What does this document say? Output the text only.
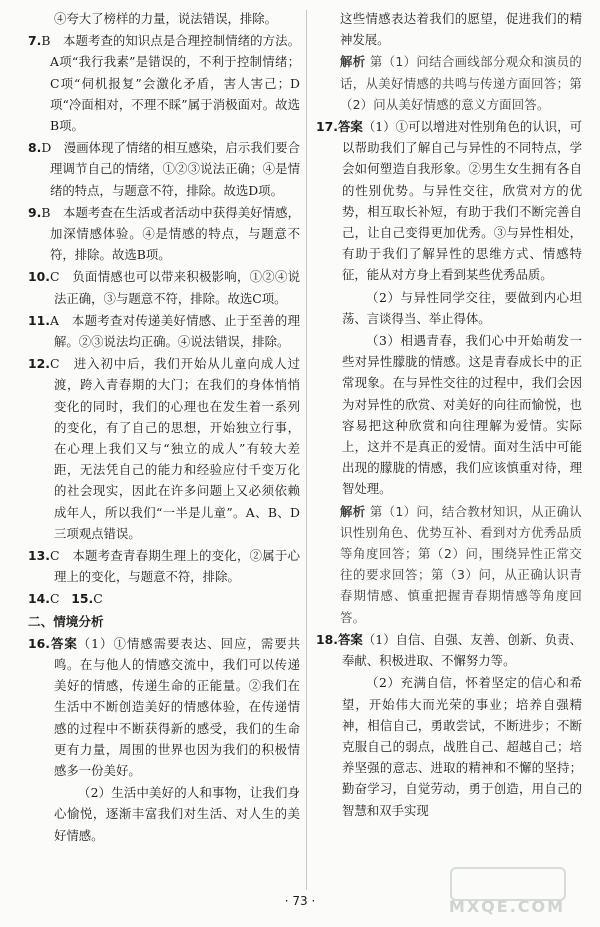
④夸大了榜样的力量，说法错误，排除。

7.B　本题考查的知识点是合理控制情绪的方法。A项“我行我素”是错误的，不利于控制情绪；C项“伺机报复”会激化矛盾，害人害己；D项“冷面相对，不理不睬”属于消极面对。故选B项。

8.D　漫画体现了情绪的相互感染，启示我们要合理调节自己的情绪，①②③说法正确；④是情绪的特点，与题意不符，排除。故选D项。

9.B　本题考查在生活或者活动中获得美好情感，加深情感体验。④是情感的特点，与题意不符，排除。故选B项。

10.C　负面情感也可以带来积极影响，①②④说法正确，③与题意不符，排除。故选C项。

11.A　本题考查对传递美好情感、止于至善的理解。②③说法均正确。④说法错误，排除。

12.C　进入初中后，我们开始从儿童向成人过渡，跨入青春期的大门；在我们的身体悄悄变化的同时，我们的心理也在发生着一系列的变化，有了自己的思想，开始独立行事，在心理上我们又与“独立的成人”有较大差距，无法凭自己的能力和经验应付千变万化的社会现实，因此在许多问题上又必须依赖成年人，所以我们“一半是儿童”。A、B、D三项观点错误。

13.C　本题考查青春期生理上的变化，②属于心理上的变化，与题意不符，排除。

14.C 15.C

二、情境分析

16.答案（1）①情感需要表达、回应，需要共鸣。在与他人的情感交流中，我们可以传递美好的情感，传递生命的正能量。②我们在生活中不断创造美好的情感体验，在传递情感的过程中不断获得新的感受，我们的生命更有力量，周围的世界也因为我们的积极情感多一份美好。

（2）生活中美好的人和事物，让我们身心愉悦，逐渐丰富我们对生活、对人生的美好情感。

这些情感表达着我们的愿望，促进我们的精神发展。

解析 第（1）问结合画线部分观众和演员的话，从美好情感的共鸣与传递方面回答；第（2）问从美好情感的意义方面回答。

17.答案（1）①可以增进对性别角色的认识，可以帮助我们了解自己与异性的不同特点，学会如何塑造自我形象。②男生女生拥有各自的性别优势。与异性交往，欣赏对方的优势，相互取长补短，有助于我们不断完善自己，让自己变得更加优秀。③与异性相处，有助于我们了解异性的思维方式、情感特征，能从对方身上看到某些优秀品质。

（2）与异性同学交往，要做到内心坦荡、言谈得当、举止得体。

（3）相遇青春，我们心中开始萌发一些对异性朦胧的情感。这是青春成长中的正常现象。在与异性交往的过程中，我们会因为对异性的欣赏、对美好的向往而愉悦，也容易把这种欣赏和向往理解为爱情。实际上，这并不是真正的爱情。面对生活中可能出现的朦胧的情感，我们应该慎重对待，理智处理。

解析 第（1）问，结合教材知识，从正确认识性别角色、优势互补、看到对方优秀品质等角度回答；第（2）问，围绕异性正常交往的要求回答；第（3）问，从正确认识青春期情感、慎重把握青春期情感等角度回答。

18.答案（1）自信、自强、友善、创新、负责、奉献、积极进取、不懈努力等。

（2）充满自信，怀着坚定的信心和希望，开始伟大而光荣的事业；培养自强精神，相信自己，勇敢尝试，不断进步；不断克服自己的弱点，战胜自己、超越自己；培养坚强的意志、进取的精神和不懈的坚持；勤奋学习，自觉劳动，勇于创造，用自己的智慧和双手实现

· 73 ·	MXQE.COM
